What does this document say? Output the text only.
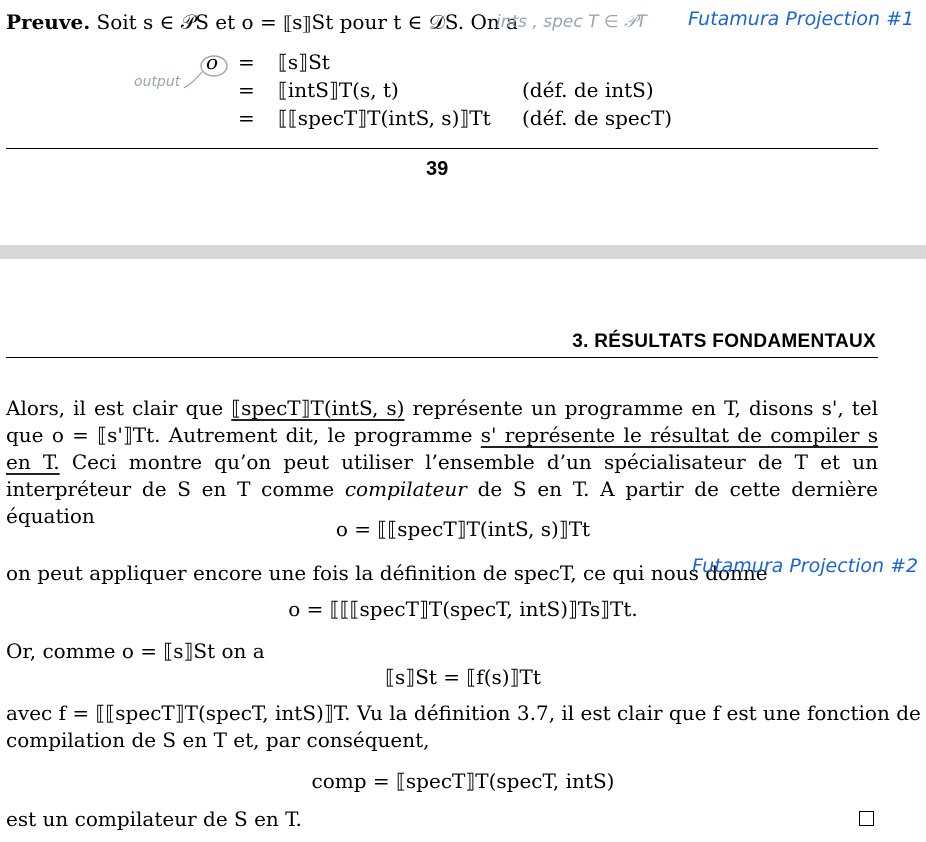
Preuve. Soit s ∈ 𝒫S et o = ⟦s⟧St pour t ∈ 𝒟S. On a
ints , spec T ∈ 𝒫T Futamura Projection #1
output
o = ⟦s⟧St
= ⟦intS⟧T(s, t)	(déf. de intS)
= ⟦⟦specT⟧T(intS, s)⟧Tt (déf. de specT)
39
3. RÉSULTATS FONDAMENTAUX
Alors, il est clair que ⟦specT⟧T(intS, s) représente un programme en T, disons s', tel que o = ⟦s'⟧Tt. Autrement dit, le programme s' représente le résultat de compiler s en T. Ceci montre qu’on peut utiliser l’ensemble d’un spécialisateur de T et un interpréteur de S en T comme compilateur de S en T. A partir de cette dernière équation
o = ⟦⟦specT⟧T(intS, s)⟧Tt
on peut appliquer encore une fois la définition de specT, ce qui nous donne
Futamura Projection #2
o = ⟦⟦⟦specT⟧T(specT, intS)⟧Ts⟧Tt.
Or, comme o = ⟦s⟧St on a
⟦s⟧St = ⟦f(s)⟧Tt
avec f = ⟦⟦specT⟧T(specT, intS)⟧T. Vu la définition 3.7, il est clair que f est une fonction de
compilation de S en T et, par conséquent,
comp = ⟦specT⟧T(specT, intS)
est un compilateur de S en T.
